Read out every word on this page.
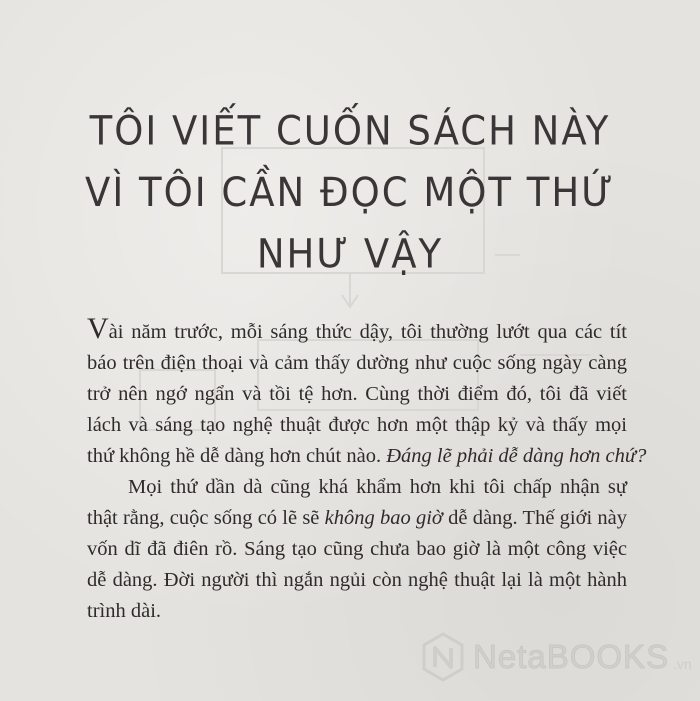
TÔI VIẾT CUỐN SÁCH NÀY
VÌ TÔI CẦN ĐỌC MỘT THỨ
NHƯ VẬY

Vài năm trước, mỗi sáng thức dậy, tôi thường lướt qua các tít
báo trên điện thoại và cảm thấy dường như cuộc sống ngày càng
trở nên ngớ ngẩn và tồi tệ hơn. Cùng thời điểm đó, tôi đã viết
lách và sáng tạo nghệ thuật được hơn một thập kỷ và thấy mọi
thứ không hề dễ dàng hơn chút nào. Đáng lẽ phải dễ dàng hơn chứ?

Mọi thứ dần dà cũng khá khẩm hơn khi tôi chấp nhận sự
thật rằng, cuộc sống có lẽ sẽ không bao giờ dễ dàng. Thế giới này
vốn dĩ đã điên rồ. Sáng tạo cũng chưa bao giờ là một công việc
dễ dàng. Đời người thì ngắn ngủi còn nghệ thuật lại là một hành
trình dài.

NetaBOOKS .vn
